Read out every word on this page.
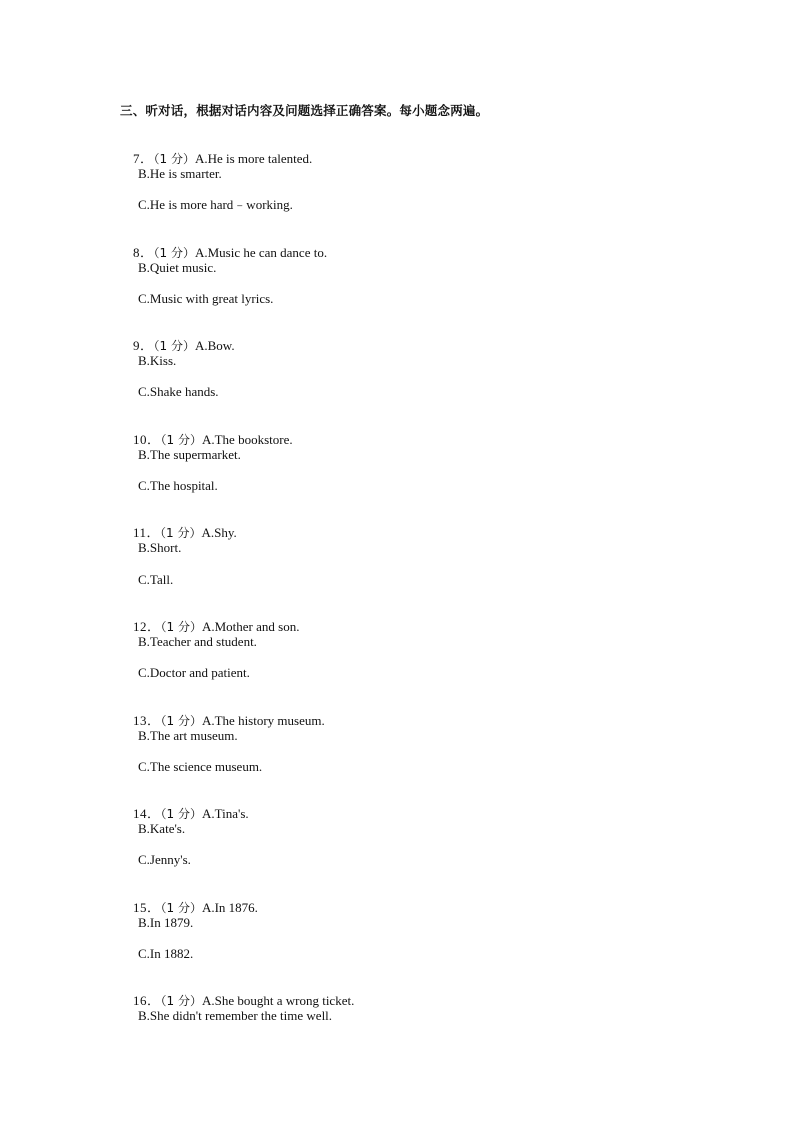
三、听对话，根据对话内容及问题选择正确答案。每小题念两遍。

7．（1 分）A.He is more talented.

B.He is smarter.
C.He is more hard﹣working.

8．（1 分）A.Music he can dance to.

B.Quiet music.
C.Music with great lyrics.

9．（1 分）A.Bow.

B.Kiss.
C.Shake hands.

10．（1 分）A.The bookstore.

B.The supermarket.
C.The hospital.

11．（1 分）A.Shy.

B.Short.
C.Tall.

12．（1 分）A.Mother and son.

B.Teacher and student.
C.Doctor and patient.

13．（1 分）A.The history museum.

B.The art museum.
C.The science museum.

14．（1 分）A.Tina's.

B.Kate's.
C.Jenny's.

15．（1 分）A.In 1876.

B.In 1879.
C.In 1882.

16．（1 分）A.She bought a wrong ticket.

B.She didn't remember the time well.
